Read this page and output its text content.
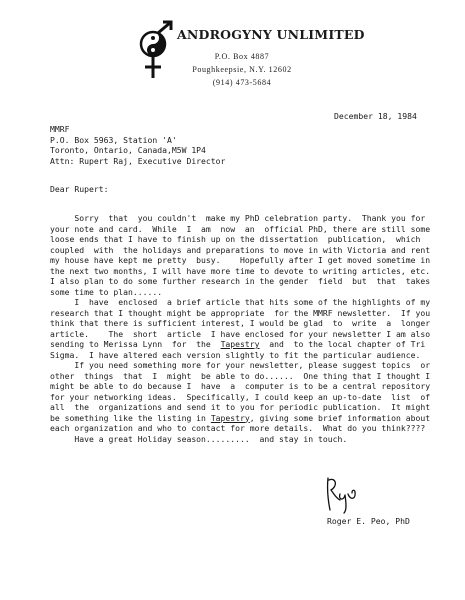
ANDROGYNY UNLIMITED
P.O. Box 4887
Poughkeepsie, N.Y. 12602
(914) 473-5684
December 18, 1984
MMRF
P.O. Box 5963, Station 'A'
Toronto, Ontario, Canada,M5W 1P4
Attn: Rupert Raj, Executive Director
Dear Rupert:
Sorry  that  you couldn't  make my PhD celebration party.  Thank you for
your note and card.  While  I  am  now  an  official PhD, there are still some
loose ends that I have to finish up on the dissertation  publication,  which
coupled  with  the holidays and preparations to move in with Victoria and rent
my house have kept me pretty  busy.    Hopefully after I get moved sometime in
the next two months, I will have more time to devote to writing articles, etc.
I also plan to do some further research in the gender  field  but  that  takes
some time to plan......
I  have  enclosed  a brief article that hits some of the highlights of my
research that I thought might be appropriate  for the MMRF newsletter.  If you
think that there is sufficient interest, I would be glad  to  write  a  longer
article.    The  short  article  I have enclosed for your newsletter I am also
sending to Merissa Lynn  for  the  Tapestry  and  to the local chapter of Tri
Sigma.  I have altered each version slightly to fit the particular audience.
If you need something more for your newsletter, please suggest topics  or
other  things  that  I  might  be able to do......  One thing that I thought I
might be able to do because I  have  a  computer is to be a central repository
for your networking ideas.  Specifically, I could keep an up-to-date  list  of
all  the  organizations and send it to you for periodic publication.  It might
be something like the listing in Tapestry, giving some brief information about
each organization and who to contact for more details.  What do you think????
Have a great Holiday season.........  and stay in touch.
Roger E. Peo, PhD
